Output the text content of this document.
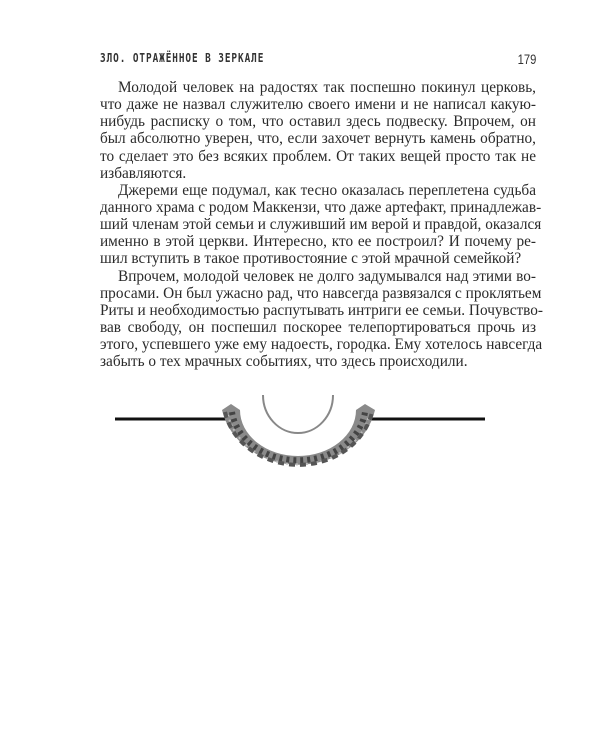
ЗЛО. ОТРАЖЁННОЕ В ЗЕРКАЛЕ	179
Молодой человек на радостях так поспешно покинул церковь,
что даже не назвал служителю своего имени и не написал какую-
нибудь расписку о том, что оставил здесь подвеску. Впрочем, он
был абсолютно уверен, что, если захочет вернуть камень обратно,
то сделает это без всяких проблем. От таких вещей просто так не
избавляются.
Джереми еще подумал, как тесно оказалась переплетена судьба
данного храма с родом Маккензи, что даже артефакт, принадлежав-
ший членам этой семьи и служивший им верой и правдой, оказался
именно в этой церкви. Интересно, кто ее построил? И почему ре-
шил вступить в такое противостояние с этой мрачной семейкой?
Впрочем, молодой человек не долго задумывался над этими во-
просами. Он был ужасно рад, что навсегда развязался с проклятьем
Риты и необходимостью распутывать интриги ее семьи. Почувство-
вав свободу, он поспешил поскорее телепортироваться прочь из
этого, успевшего уже ему надоесть, городка. Ему хотелось навсегда
забыть о тех мрачных событиях, что здесь происходили.
